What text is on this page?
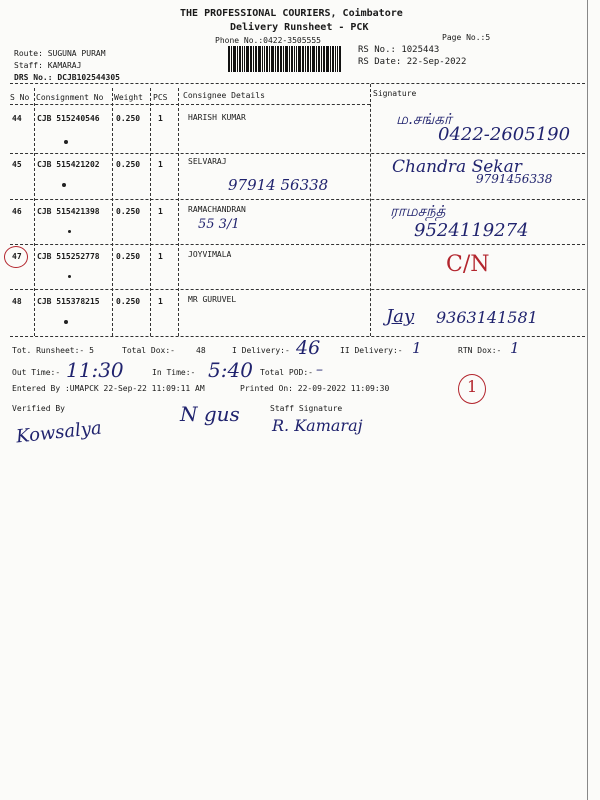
THE PROFESSIONAL COURIERS, Coimbatore
Delivery Runsheet - PCK
Phone No.:0422-3505555	Page No.:5
Route: SUGUNA PURAM
Staff: KAMARAJ
DRS No.: DCJB102544305
RS No.: 1025443
RS Date: 22-Sep-2022
S No Consignment No Weight PCS Consignee Details	Signature
44 CJB 515240546 0.250 1	HARISH KUMAR	ம.சங்கர்
0422-2605190
45 CJB 515421202 0.250 1	SELVARAJ
97914 56338
Chandra Sekar
9791456338
46 CJB 515421398 0.250 1	RAMACHANDRAN
55 3/1
ராமசந்த்
9524119274
47 CJB 515252778 0.250 1	JOYVIMALA	C/N
48 CJB 515378215 0.250 1	MR GURUVEL
Jay 9363141581
Tot. Runsheet:- 5	Total Dox:-	48	I Delivery:- 46 II Delivery:- 1	RTN Dox:- 1
Out Time:- 11:30	In Time:- 5:40 Total POD:- –
1
Entered By :UMAPCK 22-Sep-22 11:09:11 AM	Printed On: 22-09-2022 11:09:30
Verified By
Kowsalya
N gus	Staff Signature
R. Kamaraj
